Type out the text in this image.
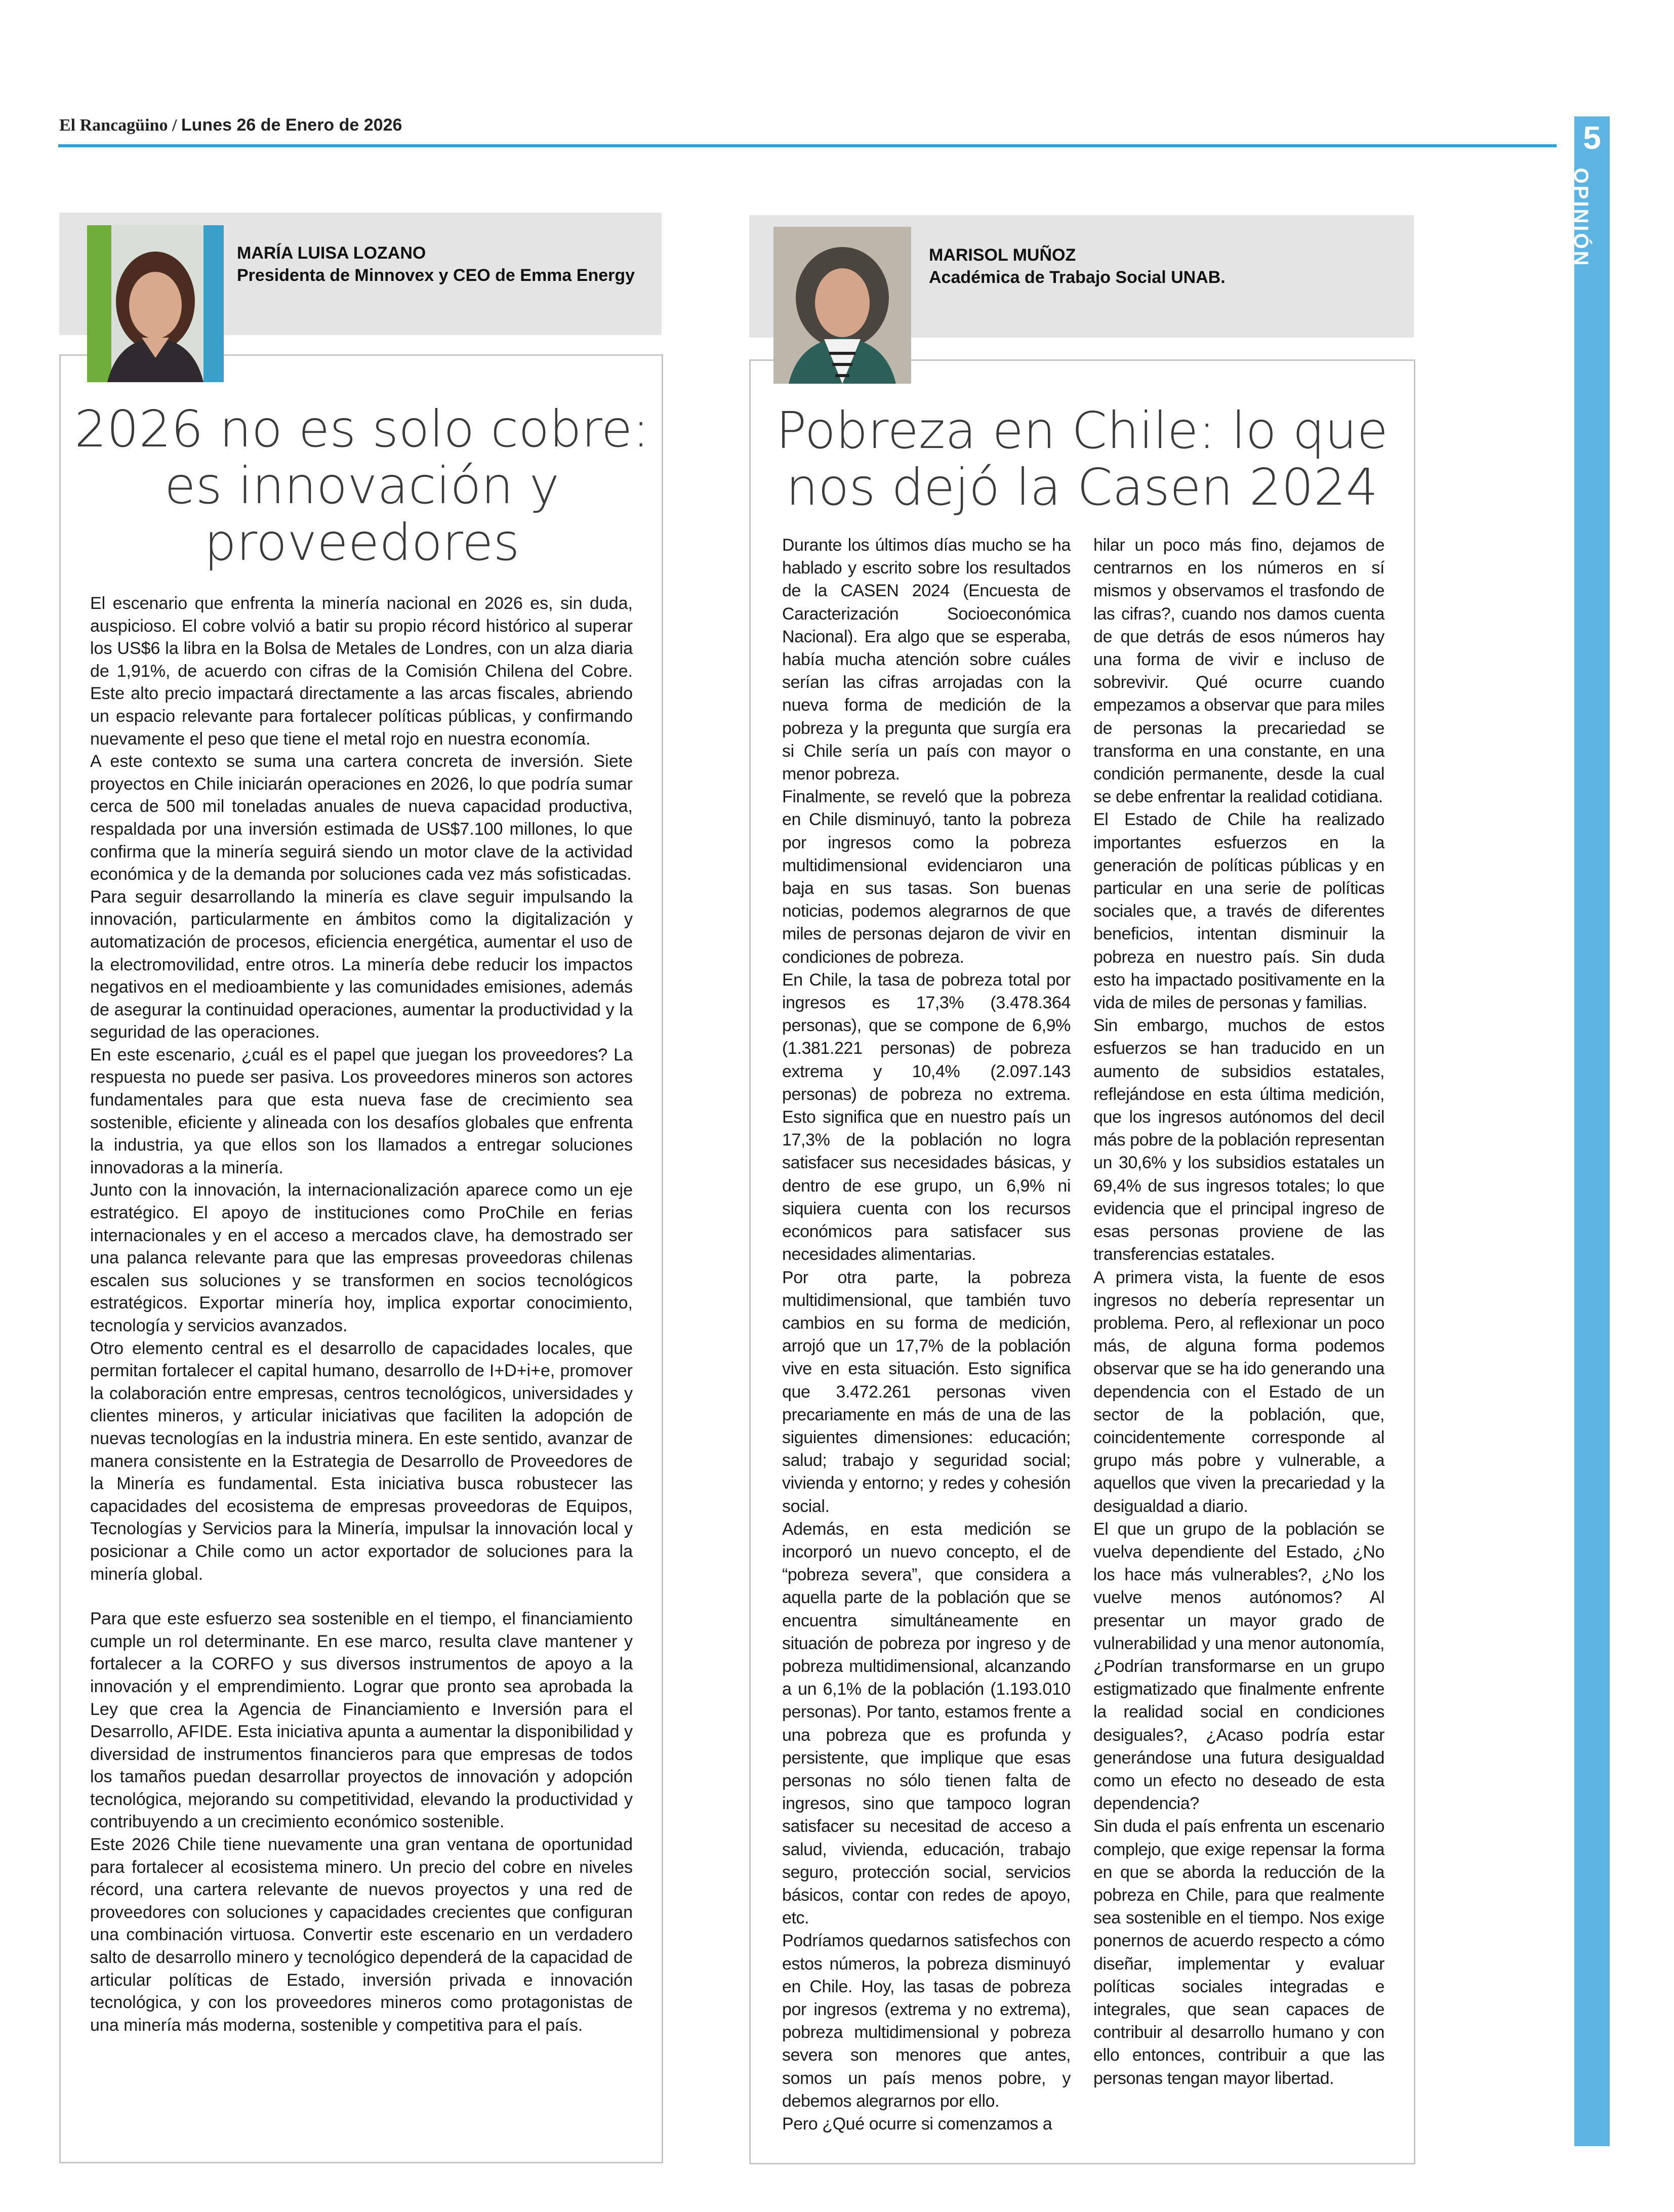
El Rancagüino / Lunes 26 de Enero de 2026	5
OPINIÓN
MARÍA LUISA LOZANO
Presidenta de Minnovex y CEO de Emma Energy
2026 no es solo cobre: es innovación y proveedores

El escenario que enfrenta la minería nacional en 2026 es, sin duda, auspicioso. El cobre volvió a batir su propio récord histórico al superar los US$6 la libra en la Bolsa de Metales de Londres, con un alza diaria de 1,91%, de acuerdo con cifras de la Comisión Chilena del Cobre. Este alto precio impactará directamente a las arcas fiscales, abriendo un espacio relevante para fortalecer políticas públicas, y confirmando nuevamente el peso que tiene el metal rojo en nuestra economía.

A este contexto se suma una cartera concreta de inversión. Siete proyectos en Chile iniciarán operaciones en 2026, lo que podría sumar cerca de 500 mil toneladas anuales de nueva capacidad productiva, respaldada por una inversión estimada de US$7.100 millones, lo que confirma que la minería seguirá siendo un motor clave de la actividad económica y de la demanda por soluciones cada vez más sofisticadas.

Para seguir desarrollando la minería es clave seguir impulsando la innovación, particularmente en ámbitos como la digitalización y automatización de procesos, eficiencia energética, aumentar el uso de la electromovilidad, entre otros. La minería debe reducir los impactos negativos en el medioambiente y las comunidades emisiones, además de asegurar la continuidad operaciones, aumentar la productividad y la seguridad de las operaciones.

En este escenario, ¿cuál es el papel que juegan los proveedores? La respuesta no puede ser pasiva. Los proveedores mineros son actores fundamentales para que esta nueva fase de crecimiento sea sostenible, eficiente y alineada con los desafíos globales que enfrenta la industria, ya que ellos son los llamados a entregar soluciones innovadoras a la minería.

Junto con la innovación, la internacionalización aparece como un eje estratégico. El apoyo de instituciones como ProChile en ferias internacionales y en el acceso a mercados clave, ha demostrado ser una palanca relevante para que las empresas proveedoras chilenas escalen sus soluciones y se transformen en socios tecnológicos estratégicos. Exportar minería hoy, implica exportar conocimiento, tecnología y servicios avanzados.

Otro elemento central es el desarrollo de capacidades locales, que permitan fortalecer el capital humano, desarrollo de I+D+i+e, promover la colaboración entre empresas, centros tecnológicos, universidades y clientes mineros, y articular iniciativas que faciliten la adopción de nuevas tecnologías en la industria minera. En este sentido, avanzar de manera consistente en la Estrategia de Desarrollo de Proveedores de la Minería es fundamental. Esta iniciativa busca robustecer las capacidades del ecosistema de empresas proveedoras de Equipos, Tecnologías y Servicios para la Minería, impulsar la innovación local y posicionar a Chile como un actor exportador de soluciones para la minería global.

Para que este esfuerzo sea sostenible en el tiempo, el financiamiento cumple un rol determinante. En ese marco, resulta clave mantener y fortalecer a la CORFO y sus diversos instrumentos de apoyo a la innovación y el emprendimiento. Lograr que pronto sea aprobada la Ley que crea la Agencia de Financiamiento e Inversión para el Desarrollo, AFIDE. Esta iniciativa apunta a aumentar la disponibilidad y diversidad de instrumentos financieros para que empresas de todos los tamaños puedan desarrollar proyectos de innovación y adopción tecnológica, mejorando su competitividad, elevando la productividad y contribuyendo a un crecimiento económico sostenible.

Este 2026 Chile tiene nuevamente una gran ventana de oportunidad para fortalecer al ecosistema minero. Un precio del cobre en niveles récord, una cartera relevante de nuevos proyectos y una red de proveedores con soluciones y capacidades crecientes que configuran una combinación virtuosa. Convertir este escenario en un verdadero salto de desarrollo minero y tecnológico dependerá de la capacidad de articular políticas de Estado, inversión privada e innovación tecnológica, y con los proveedores mineros como protagonistas de una minería más moderna, sostenible y competitiva para el país.

MARISOL MUÑOZ
Académica de Trabajo Social UNAB.
Pobreza en Chile: lo que nos dejó la Casen 2024

Durante los últimos días mucho se ha hablado y escrito sobre los resultados de la CASEN 2024 (Encuesta de Caracterización Socioeconómica Nacional). Era algo que se esperaba, había mucha atención sobre cuáles serían las cifras arrojadas con la nueva forma de medición de la pobreza y la pregunta que surgía era si Chile sería un país con mayor o menor pobreza.

Finalmente, se reveló que la pobreza en Chile disminuyó, tanto la pobreza por ingresos como la pobreza multidimensional evidenciaron una baja en sus tasas. Son buenas noticias, podemos alegrarnos de que miles de personas dejaron de vivir en condiciones de pobreza.

En Chile, la tasa de pobreza total por ingresos es 17,3% (3.478.364 personas), que se compone de 6,9% (1.381.221 personas) de pobreza extrema y 10,4% (2.097.143 personas) de pobreza no extrema. Esto significa que en nuestro país un 17,3% de la población no logra satisfacer sus necesidades básicas, y dentro de ese grupo, un 6,9% ni siquiera cuenta con los recursos económicos para satisfacer sus necesidades alimentarias.

Por otra parte, la pobreza multidimensional, que también tuvo cambios en su forma de medición, arrojó que un 17,7% de la población vive en esta situación. Esto significa que 3.472.261 personas viven precariamente en más de una de las siguientes dimensiones: educación; salud; trabajo y seguridad social; vivienda y entorno; y redes y cohesión social.

Además, en esta medición se incorporó un nuevo concepto, el de “pobreza severa”, que considera a aquella parte de la población que se encuentra simultáneamente en situación de pobreza por ingreso y de pobreza multidimensional, alcanzando a un 6,1% de la población (1.193.010 personas). Por tanto, estamos frente a una pobreza que es profunda y persistente, que implique que esas personas no sólo tienen falta de ingresos, sino que tampoco logran satisfacer su necesitad de acceso a salud, vivienda, educación, trabajo seguro, protección social, servicios básicos, contar con redes de apoyo, etc.

Podríamos quedarnos satisfechos con estos números, la pobreza disminuyó en Chile. Hoy, las tasas de pobreza por ingresos (extrema y no extrema), pobreza multidimensional y pobreza severa son menores que antes, somos un país menos pobre, y debemos alegrarnos por ello.

Pero ¿Qué ocurre si comenzamos a

hilar un poco más fino, dejamos de centrarnos en los números en sí mismos y observamos el trasfondo de las cifras?, cuando nos damos cuenta de que detrás de esos números hay una forma de vivir e incluso de sobrevivir. Qué ocurre cuando empezamos a observar que para miles de personas la precariedad se transforma en una constante, en una condición permanente, desde la cual se debe enfrentar la realidad cotidiana.

El Estado de Chile ha realizado importantes esfuerzos en la generación de políticas públicas y en particular en una serie de políticas sociales que, a través de diferentes beneficios, intentan disminuir la pobreza en nuestro país. Sin duda esto ha impactado positivamente en la vida de miles de personas y familias.

Sin embargo, muchos de estos esfuerzos se han traducido en un aumento de subsidios estatales, reflejándose en esta última medición, que los ingresos autónomos del decil más pobre de la población representan un 30,6% y los subsidios estatales un 69,4% de sus ingresos totales; lo que evidencia que el principal ingreso de esas personas proviene de las transferencias estatales.

A primera vista, la fuente de esos ingresos no debería representar un problema. Pero, al reflexionar un poco más, de alguna forma podemos observar que se ha ido generando una dependencia con el Estado de un sector de la población, que, coincidentemente corresponde al grupo más pobre y vulnerable, a aquellos que viven la precariedad y la desigualdad a diario.

El que un grupo de la población se vuelva dependiente del Estado, ¿No los hace más vulnerables?, ¿No los vuelve menos autónomos? Al presentar un mayor grado de vulnerabilidad y una menor autonomía, ¿Podrían transformarse en un grupo estigmatizado que finalmente enfrente la realidad social en condiciones desiguales?, ¿Acaso podría estar generándose una futura desigualdad como un efecto no deseado de esta dependencia?

Sin duda el país enfrenta un escenario complejo, que exige repensar la forma en que se aborda la reducción de la pobreza en Chile, para que realmente sea sostenible en el tiempo. Nos exige ponernos de acuerdo respecto a cómo diseñar, implementar y evaluar políticas sociales integradas e integrales, que sean capaces de contribuir al desarrollo humano y con ello entonces, contribuir a que las personas tengan mayor libertad.
